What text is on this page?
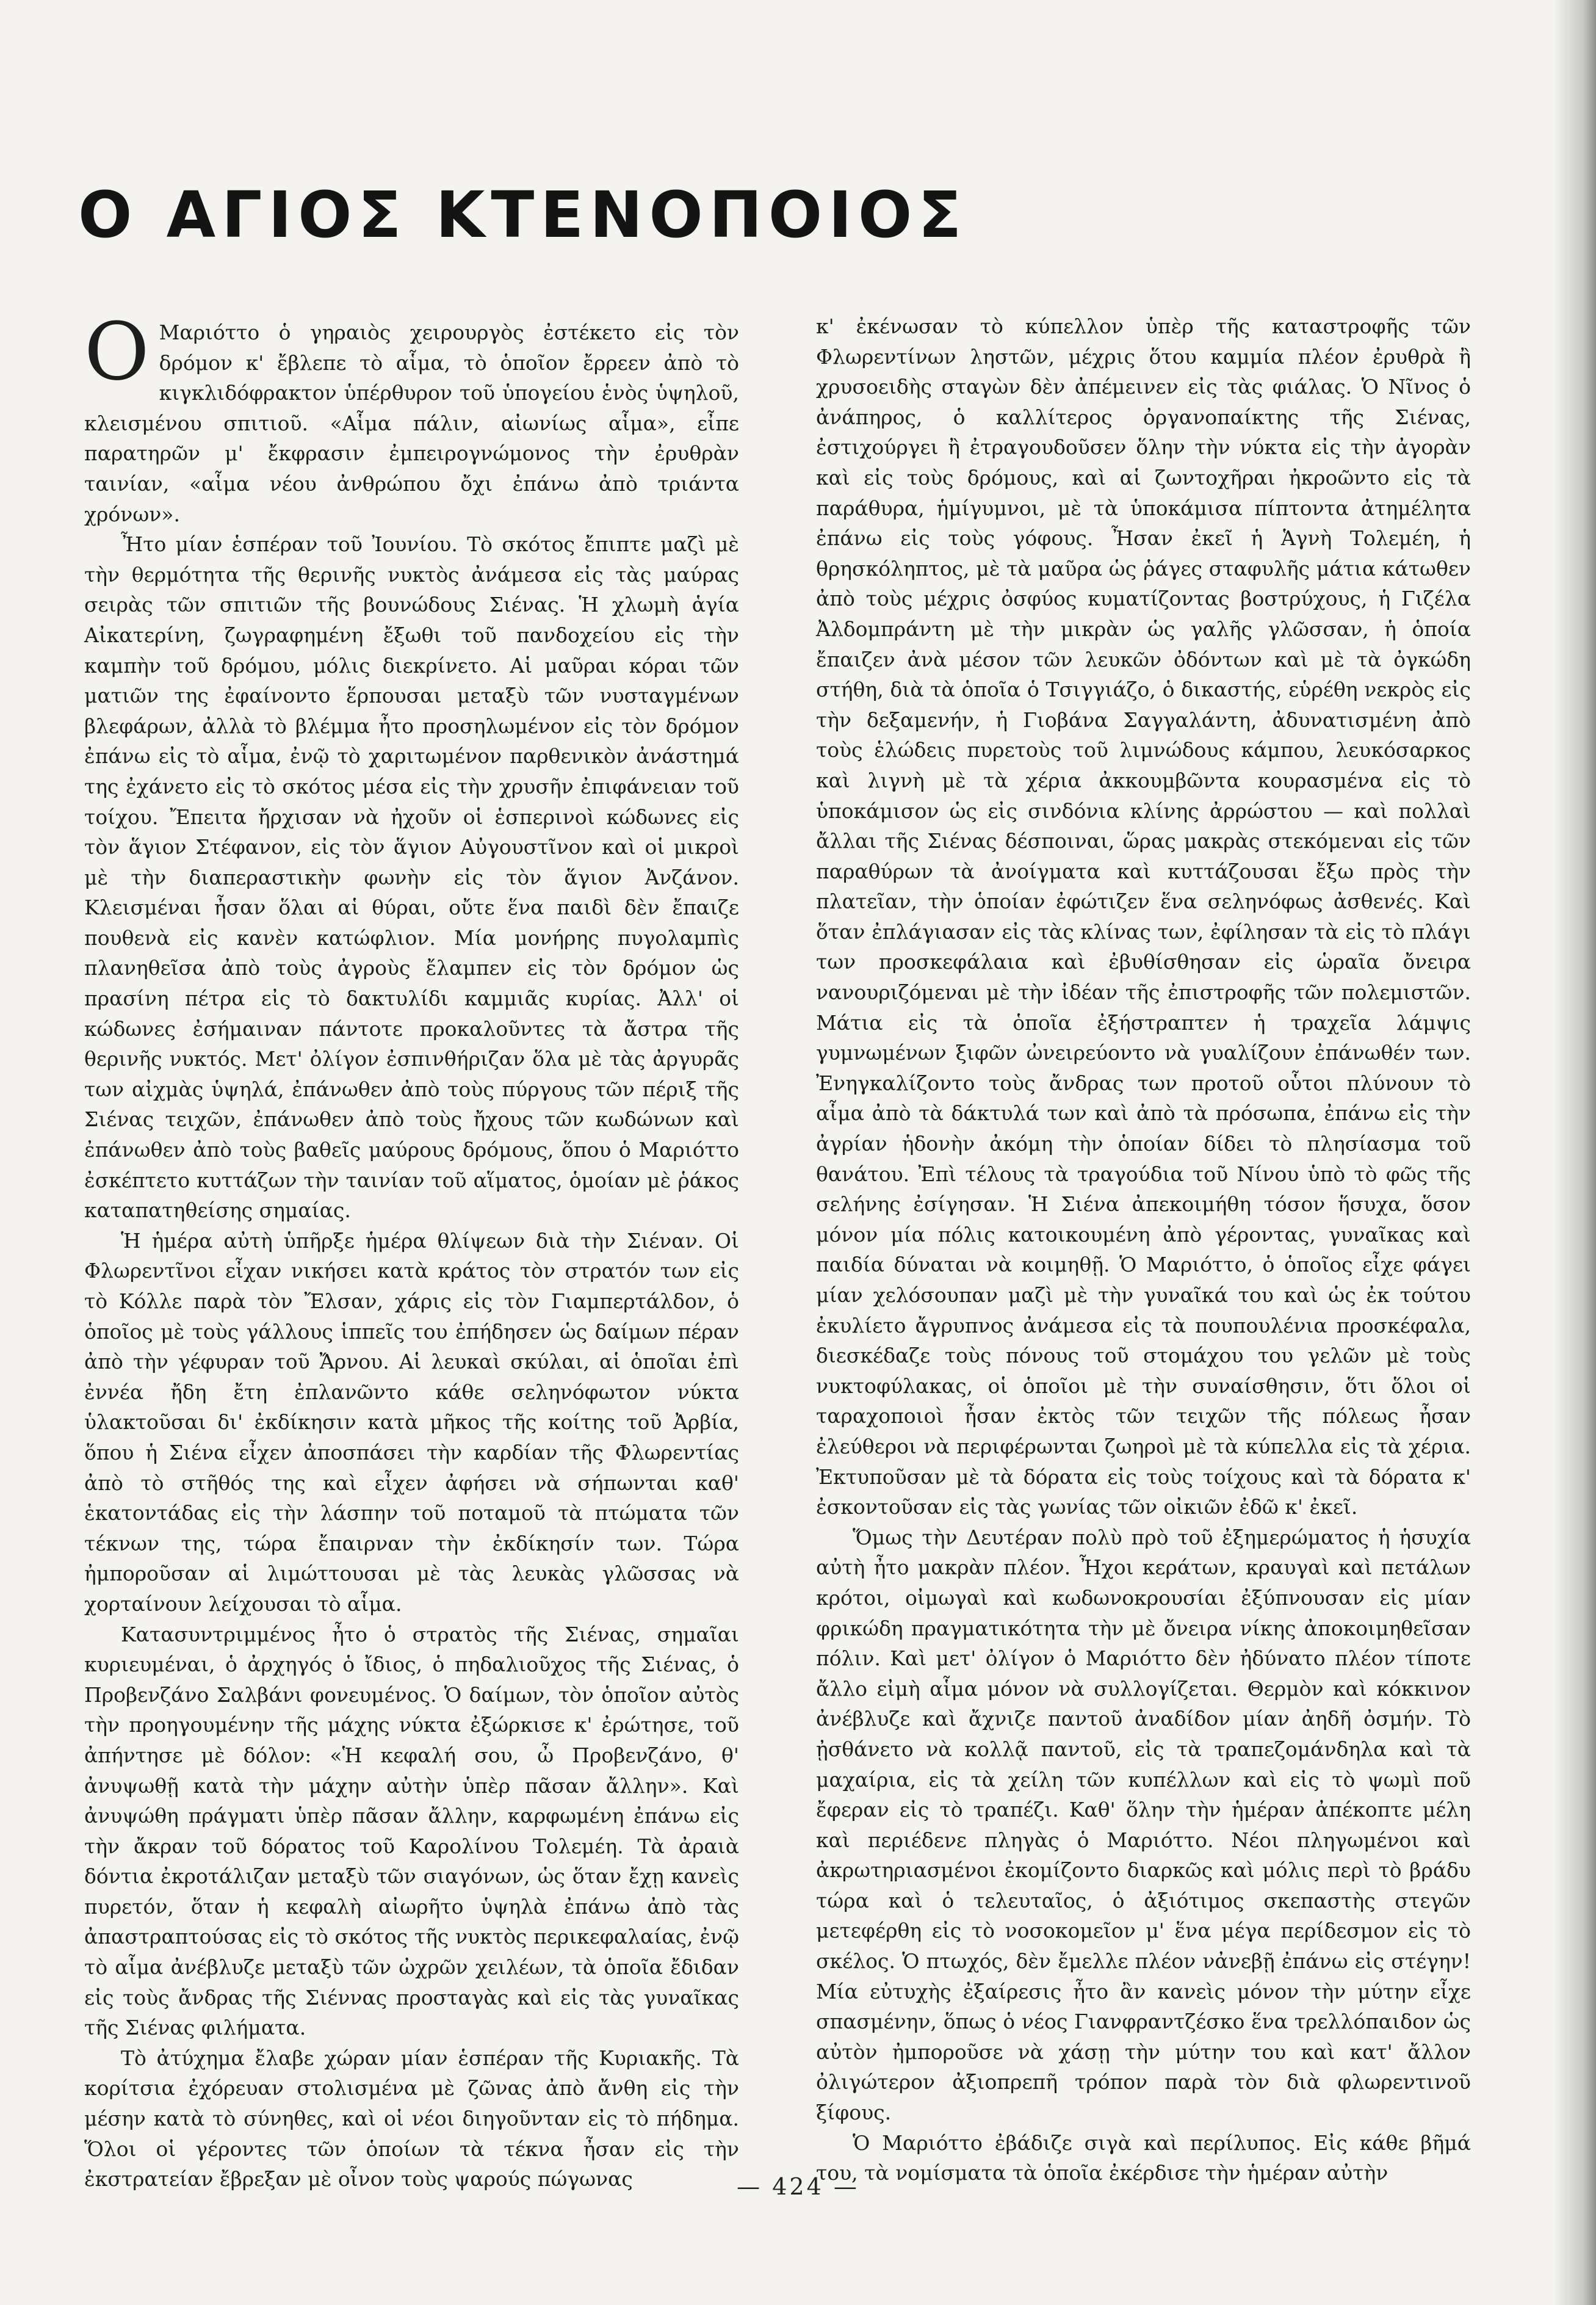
Ο ΑΓΙΟΣ ΚΤΕΝΟΠΟΙΟΣ

Ο Μαριόττο ὁ γηραιὸς χειρουργὸς ἐστέκετο εἰς τὸν δρόμον κ' ἔβλεπε τὸ αἷμα, τὸ ὁποῖον ἔρρεεν ἀπὸ τὸ κιγκλιδόφρακτον ὑπέρθυρον τοῦ ὑπογείου ἑνὸς ὑψηλοῦ, κλεισμένου σπιτιοῦ. «Αἷμα πάλιν, αἰωνίως αἷμα», εἶπε παρατηρῶν μ' ἔκφρασιν ἐμπειρογνώμονος τὴν ἐρυθρὰν ταινίαν, «αἷμα νέου ἀνθρώπου ὄχι ἐπάνω ἀπὸ τριάντα χρόνων».

Ἦτο μίαν ἑσπέραν τοῦ Ἰουνίου. Τὸ σκότος ἔπιπτε μαζὶ μὲ τὴν θερμότητα τῆς θερινῆς νυκτὸς ἀνάμεσα εἰς τὰς μαύρας σειρὰς τῶν σπιτιῶν τῆς βουνώδους Σιένας. Ἡ χλωμὴ ἁγία Αἰκατερίνη, ζωγραφημένη ἔξωθι τοῦ πανδοχείου εἰς τὴν καμπὴν τοῦ δρόμου, μόλις διεκρίνετο. Αἱ μαῦραι κόραι τῶν ματιῶν της ἐφαίνοντο ἕρπουσαι μεταξὺ τῶν νυσταγμένων βλεφάρων, ἀλλὰ τὸ βλέμμα ἦτο προσηλωμένον εἰς τὸν δρόμον ἐπάνω εἰς τὸ αἷμα, ἐνῷ τὸ χαριτωμένον παρθενικὸν ἀνάστημά της ἐχάνετο εἰς τὸ σκότος μέσα εἰς τὴν χρυσῆν ἐπιφάνειαν τοῦ τοίχου. Ἔπειτα ἤρχισαν νὰ ἠχοῦν οἱ ἑσπερινοὶ κώδωνες εἰς τὸν ἅγιον Στέφανον, εἰς τὸν ἅγιον Αὐγουστῖνον καὶ οἱ μικροὶ μὲ τὴν διαπεραστικὴν φωνὴν εἰς τὸν ἅγιον Ἀνζάνον. Κλεισμέναι ἦσαν ὅλαι αἱ θύραι, οὔτε ἕνα παιδὶ δὲν ἔπαιζε πουθενὰ εἰς κανὲν κατώφλιον. Μία μονήρης πυγολαμπὶς πλανηθεῖσα ἀπὸ τοὺς ἀγροὺς ἔλαμπεν εἰς τὸν δρόμον ὡς πρασίνη πέτρα εἰς τὸ δακτυλίδι καμμιᾶς κυρίας. Ἀλλ' οἱ κώδωνες ἐσήμαιναν πάντοτε προκαλοῦντες τὰ ἄστρα τῆς θερινῆς νυκτός. Μετ' ὀλίγον ἐσπινθήριζαν ὅλα μὲ τὰς ἀργυρᾶς των αἰχμὰς ὑψηλά, ἐπάνωθεν ἀπὸ τοὺς πύργους τῶν πέριξ τῆς Σιένας τειχῶν, ἐπάνωθεν ἀπὸ τοὺς ἤχους τῶν κωδώνων καὶ ἐπάνωθεν ἀπὸ τοὺς βαθεῖς μαύρους δρόμους, ὅπου ὁ Μαριόττο ἐσκέπτετο κυττάζων τὴν ταινίαν τοῦ αἵματος, ὁμοίαν μὲ ῥάκος καταπατηθείσης σημαίας.

Ἡ ἡμέρα αὐτὴ ὑπῆρξε ἡμέρα θλίψεων διὰ τὴν Σιέναν. Οἱ Φλωρεντῖνοι εἶχαν νικήσει κατὰ κράτος τὸν στρατόν των εἰς τὸ Κόλλε παρὰ τὸν Ἔλσαν, χάρις εἰς τὸν Γιαμπερτάλδον, ὁ ὁποῖος μὲ τοὺς γάλλους ἱππεῖς του ἐπήδησεν ὡς δαίμων πέραν ἀπὸ τὴν γέφυραν τοῦ Ἄρνου. Αἱ λευκαὶ σκύλαι, αἱ ὁποῖαι ἐπὶ ἐννέα ἤδη ἔτη ἐπλανῶντο κάθε σεληνόφωτον νύκτα ὑλακτοῦσαι δι' ἐκδίκησιν κατὰ μῆκος τῆς κοίτης τοῦ Ἀρβία, ὅπου ἡ Σιένα εἶχεν ἀποσπάσει τὴν καρδίαν τῆς Φλωρεντίας ἀπὸ τὸ στῆθός της καὶ εἶχεν ἀφήσει νὰ σήπωνται καθ' ἑκατοντάδας εἰς τὴν λάσπην τοῦ ποταμοῦ τὰ πτώματα τῶν τέκνων της, τώρα ἔπαιρναν τὴν ἐκδίκησίν των. Τώρα ἠμποροῦσαν αἱ λιμώττουσαι μὲ τὰς λευκὰς γλῶσσας νὰ χορταίνουν λείχουσαι τὸ αἷμα.

Κατασυντριμμένος ἦτο ὁ στρατὸς τῆς Σιένας, σημαῖαι κυριευμέναι, ὁ ἀρχηγός ὁ ἴδιος, ὁ πηδαλιοῦχος τῆς Σιένας, ὁ Προβενζάνο Σαλβάνι φονευμένος. Ὁ δαίμων, τὸν ὁποῖον αὐτὸς τὴν προηγουμένην τῆς μάχης νύκτα ἐξώρκισε κ' ἐρώτησε, τοῦ ἀπήντησε μὲ δόλον: «Ἡ κεφαλή σου, ὦ Προβενζάνο, θ' ἀνυψωθῇ κατὰ τὴν μάχην αὐτὴν ὑπὲρ πᾶσαν ἄλλην». Καὶ ἀνυψώθη πράγματι ὑπὲρ πᾶσαν ἄλλην, καρφωμένη ἐπάνω εἰς τὴν ἄκραν τοῦ δόρατος τοῦ Καρολίνου Τολεμέη. Τὰ ἀραιὰ δόντια ἐκροτάλιζαν μεταξὺ τῶν σιαγόνων, ὡς ὅταν ἔχῃ κανεὶς πυρετόν, ὅταν ἡ κεφαλὴ αἰωρῆτο ὑψηλὰ ἐπάνω ἀπὸ τὰς ἀπαστραπτούσας εἰς τὸ σκότος τῆς νυκτὸς περικεφαλαίας, ἐνῷ τὸ αἷμα ἀνέβλυζε μεταξὺ τῶν ὠχρῶν χειλέων, τὰ ὁποῖα ἔδιδαν εἰς τοὺς ἄνδρας τῆς Σιέννας προσταγὰς καὶ εἰς τὰς γυναῖκας τῆς Σιένας φιλήματα.

Τὸ ἀτύχημα ἔλαβε χώραν μίαν ἑσπέραν τῆς Κυριακῆς. Τὰ κορίτσια ἐχόρευαν στολισμένα μὲ ζῶνας ἀπὸ ἄνθη εἰς τὴν μέσην κατὰ τὸ σύνηθες, καὶ οἱ νέοι διηγοῦνταν εἰς τὸ πήδημα. Ὅλοι οἱ γέροντες τῶν ὁποίων τὰ τέκνα ἦσαν εἰς τὴν ἐκστρατείαν ἔβρεξαν μὲ οἶνον τοὺς ψαρούς πώγωνας

κ' ἐκένωσαν τὸ κύπελλον ὑπὲρ τῆς καταστροφῆς τῶν Φλωρεντίνων ληστῶν, μέχρις ὅτου καμμία πλέον ἐρυθρὰ ἢ χρυσοειδὴς σταγὼν δὲν ἀπέμεινεν εἰς τὰς φιάλας. Ὁ Νῖνος ὁ ἀνάπηρος, ὁ καλλίτερος ὀργανοπαίκτης τῆς Σιένας, ἐστιχούργει ἢ ἐτραγουδοῦσεν ὅλην τὴν νύκτα εἰς τὴν ἀγορὰν καὶ εἰς τοὺς δρόμους, καὶ αἱ ζωντοχῆραι ἠκροῶντο εἰς τὰ παράθυρα, ἡμίγυμνοι, μὲ τὰ ὑποκάμισα πίπτοντα ἀτημέλητα ἐπάνω εἰς τοὺς γόφους. Ἦσαν ἐκεῖ ἡ Ἁγνὴ Τολεμέη, ἡ θρησκόληπτος, μὲ τὰ μαῦρα ὡς ῥάγες σταφυλῆς μάτια κάτωθεν ἀπὸ τοὺς μέχρις ὀσφύος κυματίζοντας βοστρύχους, ἡ Γιζέλα Ἀλδομπράντη μὲ τὴν μικρὰν ὡς γαλῆς γλῶσσαν, ἡ ὁποία ἔπαιζεν ἀνὰ μέσον τῶν λευκῶν ὀδόντων καὶ μὲ τὰ ὀγκώδη στήθη, διὰ τὰ ὁποῖα ὁ Τσιγγιάζο, ὁ δικαστής, εὑρέθη νεκρὸς εἰς τὴν δεξαμενήν, ἡ Γιοβάνα Σαγγαλάντη, ἀδυνατισμένη ἀπὸ τοὺς ἑλώδεις πυρετοὺς τοῦ λιμνώδους κάμπου, λευκόσαρκος καὶ λιγνὴ μὲ τὰ χέρια ἀκκουμβῶντα κουρασμένα εἰς τὸ ὑποκάμισον ὡς εἰς σινδόνια κλίνης ἀρρώστου — καὶ πολλαὶ ἄλλαι τῆς Σιένας δέσποιναι, ὥρας μακρὰς στεκόμεναι εἰς τῶν παραθύρων τὰ ἀνοίγματα καὶ κυττάζουσαι ἔξω πρὸς τὴν πλατεῖαν, τὴν ὁποίαν ἐφώτιζεν ἕνα σεληνόφως ἀσθενές. Καὶ ὅταν ἐπλάγιασαν εἰς τὰς κλίνας των, ἐφίλησαν τὰ εἰς τὸ πλάγι των προσκεφάλαια καὶ ἐβυθίσθησαν εἰς ὡραῖα ὄνειρα νανουριζόμεναι μὲ τὴν ἰδέαν τῆς ἐπιστροφῆς τῶν πολεμιστῶν. Μάτια εἰς τὰ ὁποῖα ἐξήστραπτεν ἡ τραχεῖα λάμψις γυμνωμένων ξιφῶν ὠνειρεύοντο νὰ γυαλίζουν ἐπάνωθέν των. Ἐνηγκαλίζοντο τοὺς ἄνδρας των προτοῦ οὗτοι πλύνουν τὸ αἷμα ἀπὸ τὰ δάκτυλά των καὶ ἀπὸ τὰ πρόσωπα, ἐπάνω εἰς τὴν ἀγρίαν ἡδονὴν ἀκόμη τὴν ὁποίαν δίδει τὸ πλησίασμα τοῦ θανάτου. Ἐπὶ τέλους τὰ τραγούδια τοῦ Νίνου ὑπὸ τὸ φῶς τῆς σελήνης ἐσίγησαν. Ἡ Σιένα ἀπεκοιμήθη τόσον ἥσυχα, ὅσον μόνον μία πόλις κατοικουμένη ἀπὸ γέροντας, γυναῖκας καὶ παιδία δύναται νὰ κοιμηθῇ. Ὁ Μαριόττο, ὁ ὁποῖος εἶχε φάγει μίαν χελόσουπαν μαζὶ μὲ τὴν γυναῖκά του καὶ ὡς ἐκ τούτου ἐκυλίετο ἄγρυπνος ἀνάμεσα εἰς τὰ πουπουλένια προσκέφαλα, διεσκέδαζε τοὺς πόνους τοῦ στομάχου του γελῶν μὲ τοὺς νυκτοφύλακας, οἱ ὁποῖοι μὲ τὴν συναίσθησιν, ὅτι ὅλοι οἱ ταραχοποιοὶ ἦσαν ἐκτὸς τῶν τειχῶν τῆς πόλεως ἦσαν ἐλεύθεροι νὰ περιφέρωνται ζωηροὶ μὲ τὰ κύπελλα εἰς τὰ χέρια. Ἐκτυποῦσαν μὲ τὰ δόρατα εἰς τοὺς τοίχους καὶ τὰ δόρατα κ' ἐσκοντοῦσαν εἰς τὰς γωνίας τῶν οἰκιῶν ἐδῶ κ' ἐκεῖ.

Ὅμως τὴν Δευτέραν πολὺ πρὸ τοῦ ἐξημερώματος ἡ ἡσυχία αὐτὴ ἦτο μακρὰν πλέον. Ἦχοι κεράτων, κραυγαὶ καὶ πετάλων κρότοι, οἰμωγαὶ καὶ κωδωνοκρουσίαι ἐξύπνουσαν εἰς μίαν φρικώδη πραγματικότητα τὴν μὲ ὄνειρα νίκης ἀποκοιμηθεῖσαν πόλιν. Καὶ μετ' ὀλίγον ὁ Μαριόττο δὲν ἠδύνατο πλέον τίποτε ἄλλο εἰμὴ αἷμα μόνον νὰ συλλογίζεται. Θερμὸν καὶ κόκκινον ἀνέβλυζε καὶ ἄχνιζε παντοῦ ἀναδίδον μίαν ἀηδῆ ὀσμήν. Τὸ ᾐσθάνετο νὰ κολλᾷ παντοῦ, εἰς τὰ τραπεζομάνδηλα καὶ τὰ μαχαίρια, εἰς τὰ χείλη τῶν κυπέλλων καὶ εἰς τὸ ψωμὶ ποῦ ἔφεραν εἰς τὸ τραπέζι. Καθ' ὅλην τὴν ἡμέραν ἀπέκοπτε μέλη καὶ περιέδενε πληγὰς ὁ Μαριόττο. Νέοι πληγωμένοι καὶ ἀκρωτηριασμένοι ἐκομίζοντο διαρκῶς καὶ μόλις περὶ τὸ βράδυ τώρα καὶ ὁ τελευταῖος, ὁ ἀξιότιμος σκεπαστὴς στεγῶν μετεφέρθη εἰς τὸ νοσοκομεῖον μ' ἕνα μέγα περίδεσμον εἰς τὸ σκέλος. Ὁ πτωχός, δὲν ἔμελλε πλέον νἀνεβῇ ἐπάνω εἰς στέγην! Μία εὐτυχὴς ἐξαίρεσις ἦτο ἂν κανεὶς μόνον τὴν μύτην εἶχε σπασμένην, ὅπως ὁ νέος Γιανφραντζέσκο ἕνα τρελλόπαιδον ὡς αὐτὸν ἠμποροῦσε νὰ χάσῃ τὴν μύτην του καὶ κατ' ἄλλον ὀλιγώτερον ἀξιοπρεπῆ τρόπον παρὰ τὸν διὰ φλωρεντινοῦ ξίφους.

Ὁ Μαριόττο ἐβάδιζε σιγὰ καὶ περίλυπος. Εἰς κάθε βῆμά του, τὰ νομίσματα τὰ ὁποῖα ἐκέρδισε τὴν ἡμέραν αὐτὴν

— 424 —
